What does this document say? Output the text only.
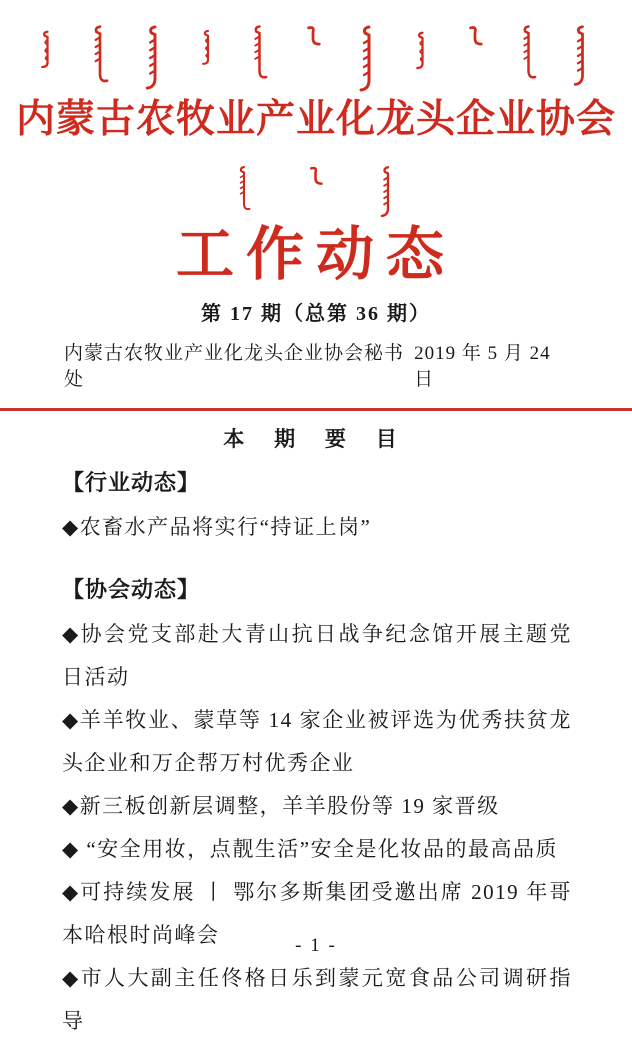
内蒙古农牧业产业化龙头企业协会
工作动态
第 17 期（总第 36 期）
内蒙古农牧业产业化龙头企业协会秘书处
2019 年 5 月 24 日
本 期 要 目
【行业动态】
◆农畜水产品将实行“持证上岗”
【协会动态】
◆协会党支部赴大青山抗日战争纪念馆开展主题党日活动
◆羊羊牧业、蒙草等 14 家企业被评选为优秀扶贫龙头企业和万企帮万村优秀企业
◆新三板创新层调整，羊羊股份等 19 家晋级
◆ “安全用妆，点靓生活”安全是化妆品的最高品质
◆可持续发展 丨 鄂尔多斯集团受邀出席 2019 年哥本哈根时尚峰会
◆市人大副主任佟格日乐到蒙元宽食品公司调研指导
- 1 -
